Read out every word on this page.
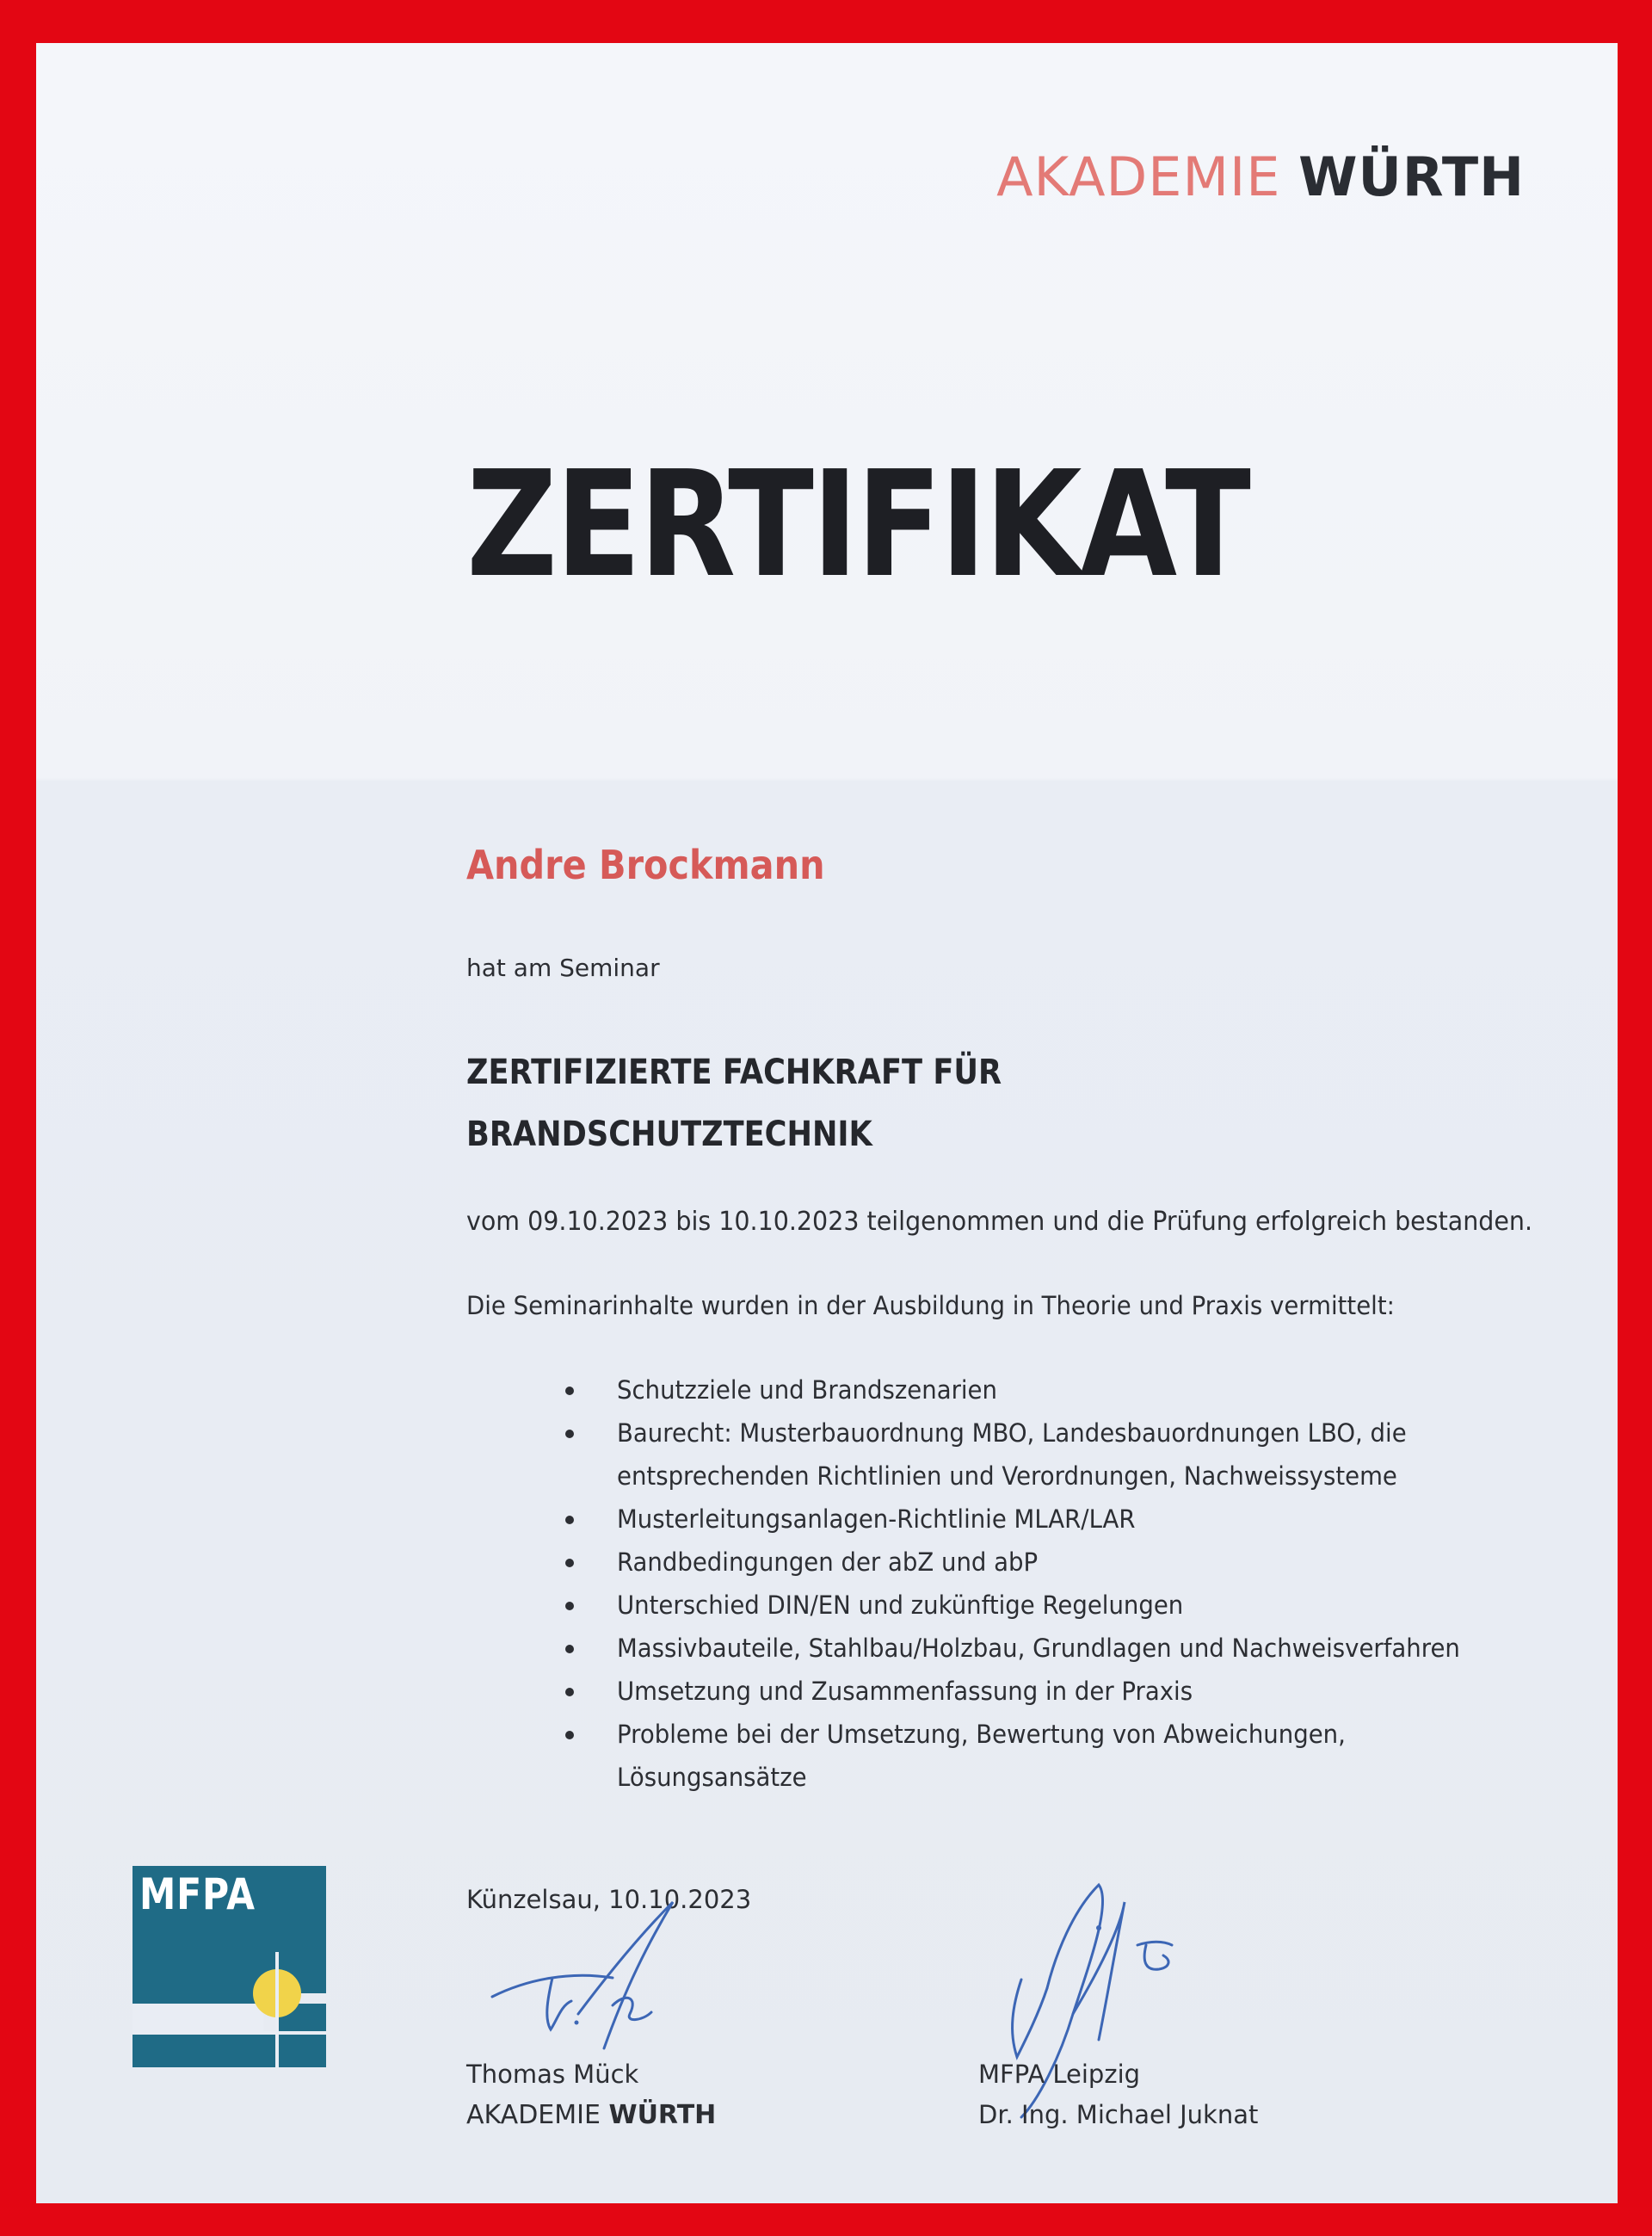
AKADEMIE WÜRTH
ZERTIFIKAT
Andre Brockmann
hat am Seminar
ZERTIFIZIERTE FACHKRAFT FÜR
BRANDSCHUTZTECHNIK
vom 09.10.2023 bis 10.10.2023 teilgenommen und die Prüfung erfolgreich bestanden.
Die Seminarinhalte wurden in der Ausbildung in Theorie und Praxis vermittelt:
Schutzziele und Brandszenarien
Baurecht: Musterbauordnung MBO, Landesbauordnungen LBO, die entsprechenden Richtlinien und Verordnungen, Nachweissysteme
Musterleitungsanlagen-Richtlinie MLAR/LAR
Randbedingungen der abZ und abP
Unterschied DIN/EN und zukünftige Regelungen
Massivbauteile, Stahlbau/Holzbau, Grundlagen und Nachweisverfahren
Umsetzung und Zusammenfassung in der Praxis
Probleme bei der Umsetzung, Bewertung von Abweichungen, Lösungsansätze
MFPA	Künzelsau, 10.10.2023
Thomas Mück
AKADEMIE WÜRTH
MFPA Leipzig
Dr. Ing. Michael Juknat
